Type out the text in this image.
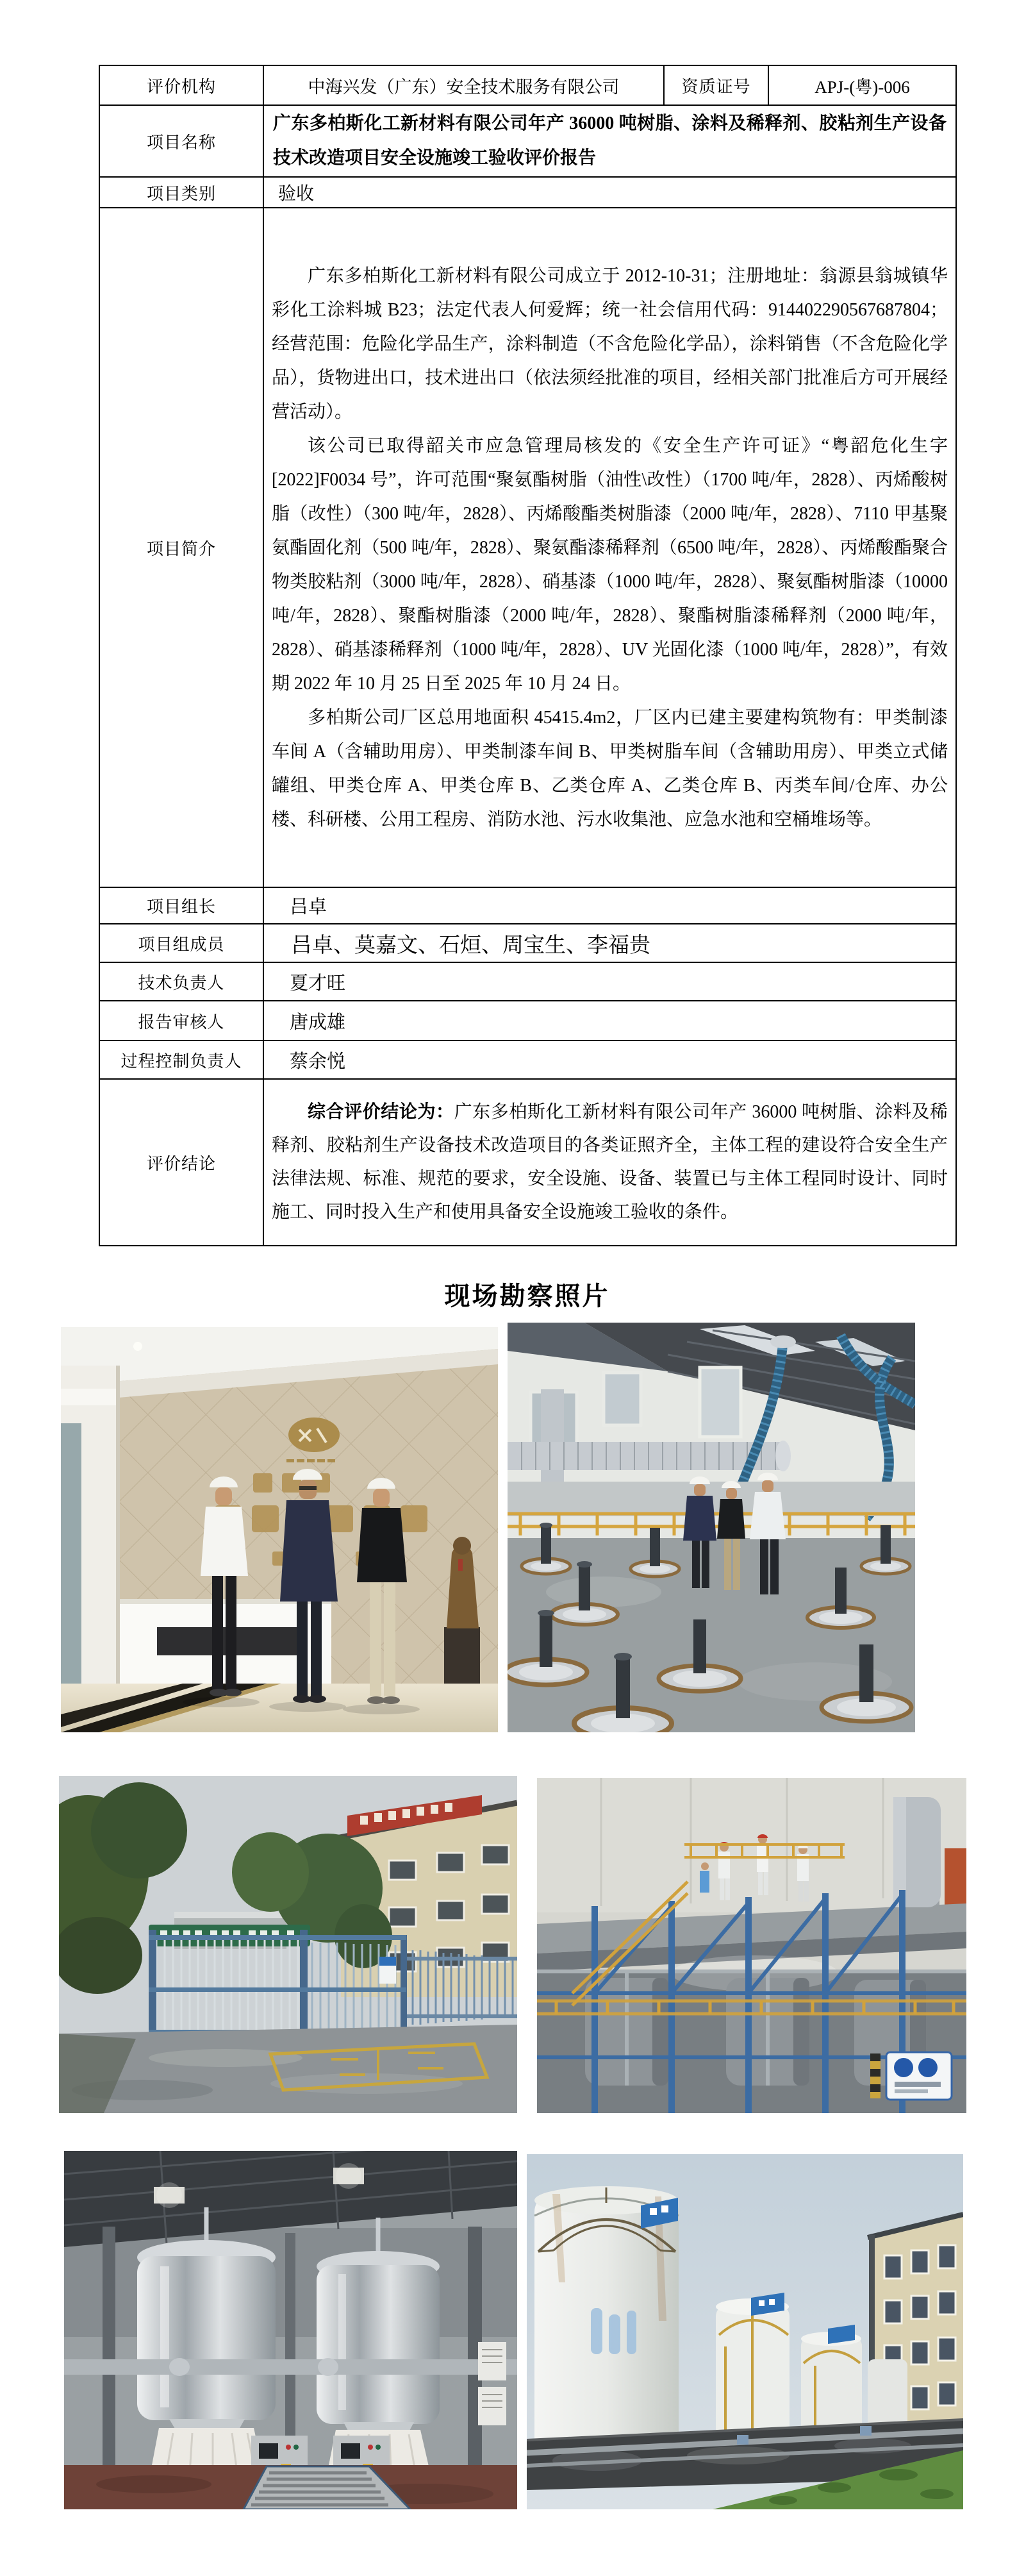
评价机构	中海兴发（广东）安全技术服务有限公司	资质证号	APJ-(粤)-006
项目名称	广东多柏斯化工新材料有限公司年产 36000 吨树脂、涂料及稀释剂、胶粘剂生产设备技术改造项目安全设施竣工验收评价报告		
项目类别	验收		
项目简介	广东多柏斯化工新材料有限公司成立于 2012-10-31；注册地址：翁源县翁城镇华彩化工涂料城 B23；法定代表人何爱辉；统一社会信用代码：914402290567687804；经营范围：危险化学品生产，涂料制造（不含危险化学品），涂料销售（不含危险化学品），货物进出口，技术进出口（依法须经批准的项目，经相关部门批准后方可开展经营活动）。

该公司已取得韶关市应急管理局核发的《安全生产许可证》“粤韶危化生字[2022]F0034 号”，许可范围“聚氨酯树脂（油性\改性）（1700 吨/年，2828）、丙烯酸树脂（改性）（300 吨/年，2828）、丙烯酸酯类树脂漆（2000 吨/年，2828）、7110 甲基聚氨酯固化剂（500 吨/年，2828）、聚氨酯漆稀释剂（6500 吨/年，2828）、丙烯酸酯聚合物类胶粘剂（3000 吨/年，2828）、硝基漆（1000 吨/年，2828）、聚氨酯树脂漆（10000 吨/年，2828）、聚酯树脂漆（2000 吨/年，2828）、聚酯树脂漆稀释剂（2000 吨/年，2828）、硝基漆稀释剂（1000 吨/年，2828）、UV 光固化漆（1000 吨/年，2828）”，有效期 2022 年 10 月 25 日至 2025 年 10 月 24 日。

多柏斯公司厂区总用地面积 45415.4m2，厂区内已建主要建构筑物有：甲类制漆车间 A（含辅助用房）、甲类制漆车间 B、甲类树脂车间（含辅助用房）、甲类立式储罐组、甲类仓库 A、甲类仓库 B、乙类仓库 A、乙类仓库 B、丙类车间/仓库、办公楼、科研楼、公用工程房、消防水池、污水收集池、应急水池和空桶堆场等。		

项目组长	吕卓		
项目组成员	吕卓、莫嘉文、石烜、周宝生、李福贵		
技术负责人	夏才旺		
报告审核人	唐成雄		
过程控制负责人	蔡余悦		
评价结论	综合评价结论为：广东多柏斯化工新材料有限公司年产 36000 吨树脂、涂料及稀释剂、胶粘剂生产设备技术改造项目的各类证照齐全，主体工程的建设符合安全生产法律法规、标准、规范的要求，安全设施、设备、装置已与主体工程同时设计、同时施工、同时投入生产和使用具备安全设施竣工验收的条件。		

现场勘察照片
